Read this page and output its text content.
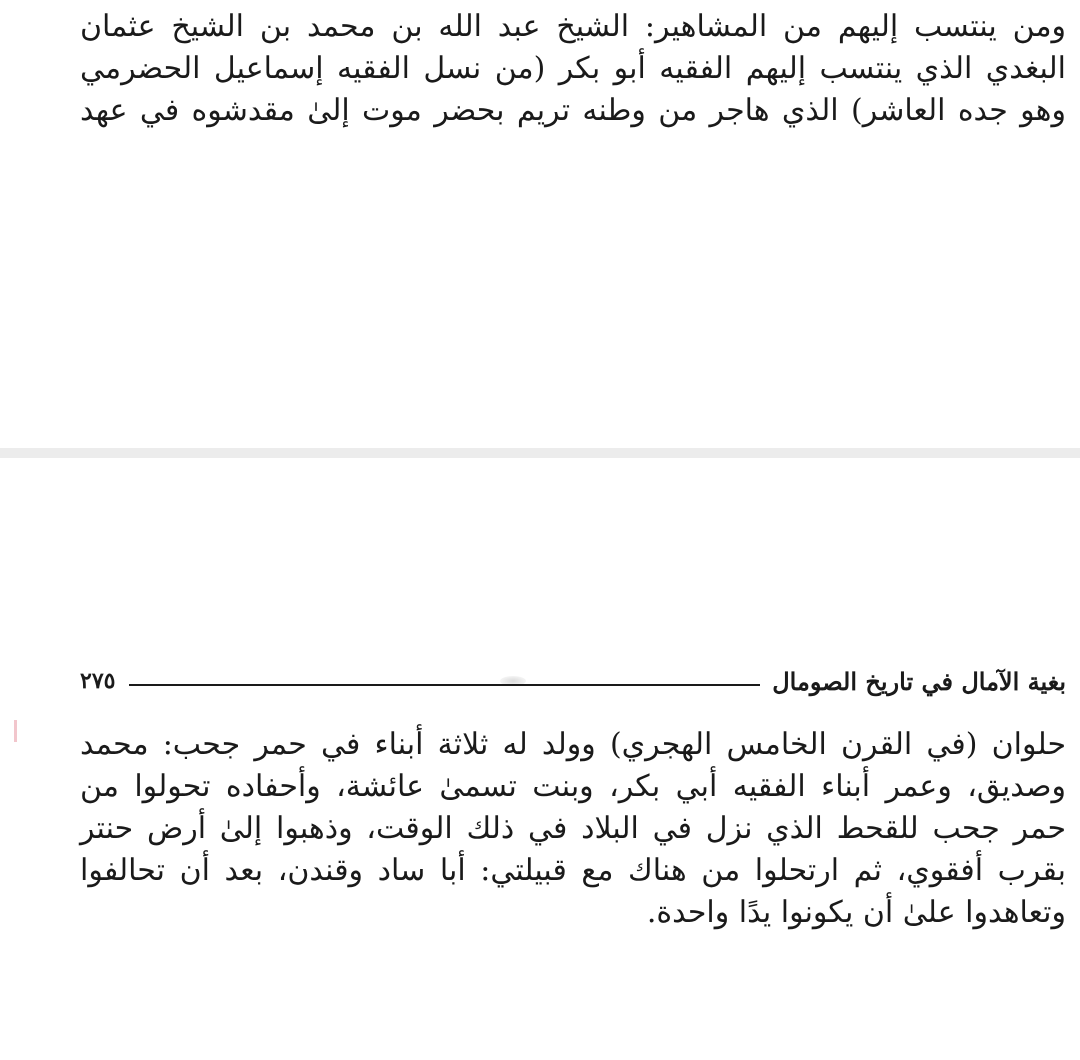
ومن ينتسب إليهم من المشاهير: الشيخ عبد الله بن محمد بن الشيخ عثمان
البغدي الذي ينتسب إليهم الفقيه أبو بكر (من نسل الفقيه إسماعيل الحضرمي
وهو جده العاشر) الذي هاجر من وطنه تريم بحضر موت إلىٰ مقدشوه في عهد
بغية الآمال في تاريخ الصومال
٢٧٥
حلوان (في القرن الخامس الهجري) وولد له ثلاثة أبناء في حمر جحب: محمد
وصديق، وعمر أبناء الفقيه أبي بكر، وبنت تسمىٰ عائشة، وأحفاده تحولوا من
حمر جحب للقحط الذي نزل في البلاد في ذلك الوقت، وذهبوا إلىٰ أرض حنتر
بقرب أفقوي، ثم ارتحلوا من هناك مع قبيلتي: أبا ساد وقندن، بعد أن تحالفوا
وتعاهدوا علىٰ أن يكونوا يدًا واحدة.
